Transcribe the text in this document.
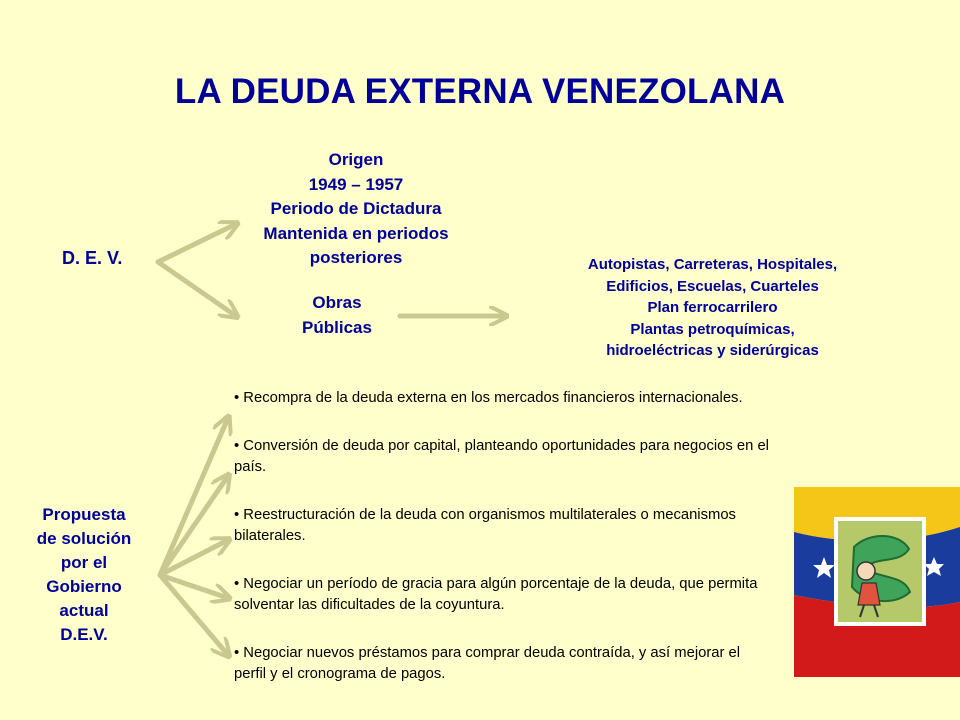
LA DEUDA EXTERNA VENEZOLANA
D. E. V.
Origen
1949 – 1957
Periodo de Dictadura
Mantenida en periodos
posteriores
Obras
Públicas
Autopistas, Carreteras, Hospitales,
Edificios, Escuelas, Cuarteles
Plan ferrocarrilero
Plantas petroquímicas,
hidroeléctricas y siderúrgicas
Propuesta
de solución
por el
Gobierno
actual
D.E.V.
• Recompra de la deuda externa en los mercados financieros internacionales.
• Conversión de deuda por capital, planteando oportunidades para negocios en el país.
• Reestructuración de la deuda con organismos multilaterales o mecanismos bilaterales.
• Negociar un período de gracia para algún porcentaje de la deuda, que permita solventar las dificultades de la coyuntura.
• Negociar nuevos préstamos para comprar deuda contraída, y así mejorar el perfil y el cronograma de pagos.
